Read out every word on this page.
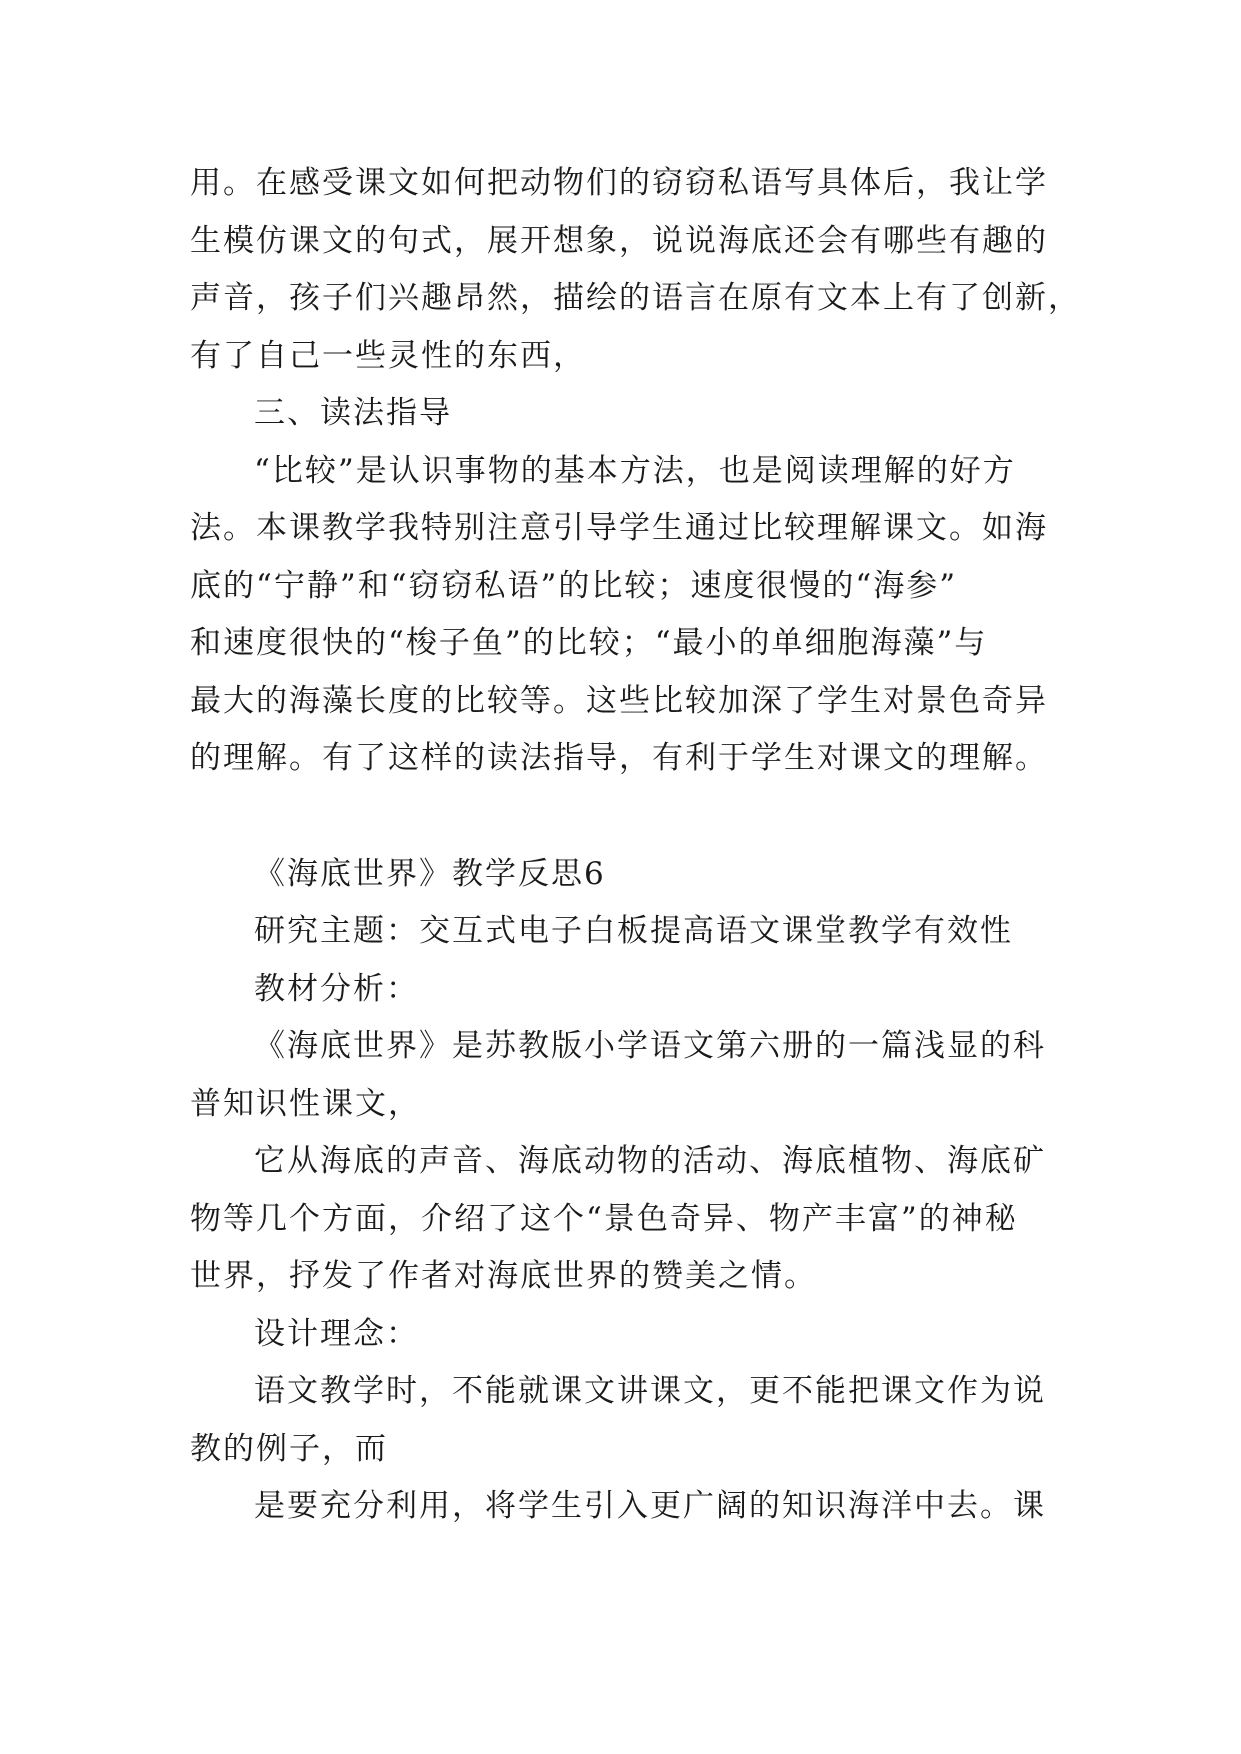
用。在感受课文如何把动物们的窃窃私语写具体后，我让学

生模仿课文的句式，展开想象，说说海底还会有哪些有趣的

声音，孩子们兴趣昂然，描绘的语言在原有文本上有了创新，

有了自己一些灵性的东西，

三、读法指导

“比较”是认识事物的基本方法，也是阅读理解的好方

法。本课教学我特别注意引导学生通过比较理解课文。如海

底的“宁静”和“窃窃私语”的比较；速度很慢的“海参”

和速度很快的“梭子鱼”的比较；“最小的单细胞海藻”与

最大的海藻长度的比较等。这些比较加深了学生对景色奇异

的理解。有了这样的读法指导，有利于学生对课文的理解。

《海底世界》教学反思6

研究主题：交互式电子白板提高语文课堂教学有效性

教材分析：

《海底世界》是苏教版小学语文第六册的一篇浅显的科

普知识性课文，

它从海底的声音、海底动物的活动、海底植物、海底矿

物等几个方面，介绍了这个“景色奇异、物产丰富”的神秘

世界，抒发了作者对海底世界的赞美之情。

设计理念：

语文教学时，不能就课文讲课文，更不能把课文作为说

教的例子，而

是要充分利用，将学生引入更广阔的知识海洋中去。课
